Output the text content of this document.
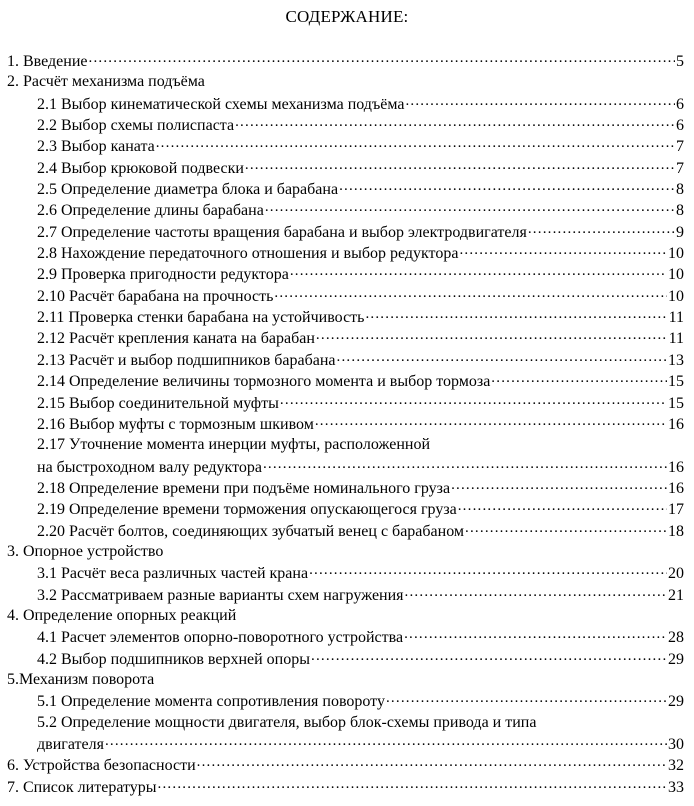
СОДЕРЖАНИЕ:
1. Введение .....	5
2. Расчёт механизма подъёма
2.1 Выбор кинематической схемы механизма подъёма .....	6
2.2 Выбор схемы полиспаста .....	6
2.3 Выбор каната .....	7
2.4 Выбор крюковой подвески .....	7
2.5 Определение диаметра блока и барабана .....	8
2.6 Определение длины барабана .....	8
2.7 Определение частоты вращения барабана и выбор электродвигателя .....	9
2.8 Нахождение передаточного отношения и выбор редуктора .....	10
2.9 Проверка пригодности редуктора .....	10
2.10 Расчёт барабана на прочность .....	10
2.11 Проверка стенки барабана на устойчивость .....	11
2.12 Расчёт крепления каната на барабан .....	11
2.13 Расчёт и выбор подшипников барабана .....	13
2.14 Определение величины тормозного момента и выбор тормоза .....	15
2.15 Выбор соединительной муфты .....	15
2.16 Выбор муфты с тормозным шкивом .....	16
2.17 Уточнение момента инерции муфты, расположенной
на быстроходном валу редуктора .....	16
2.18 Определение времени при подъёме номинального груза .....	16
2.19 Определение времени торможения опускающегося груза .....	17
2.20 Расчёт болтов, соединяющих зубчатый венец с барабаном .....	18
3. Опорное устройство
3.1 Расчёт веса различных частей крана .....	20
3.2 Рассматриваем разные варианты схем нагружения .....	21
4. Определение опорных реакций
4.1 Расчет элементов опорно-поворотного устройства .....	28
4.2 Выбор подшипников верхней опоры .....	29
5.Механизм поворота
5.1 Определение момента сопротивления повороту .....	29
5.2 Определение мощности двигателя, выбор блок-схемы привода и типа
двигателя .....	30
6. Устройства безопасности .....	32
7. Список литературы .....	33
